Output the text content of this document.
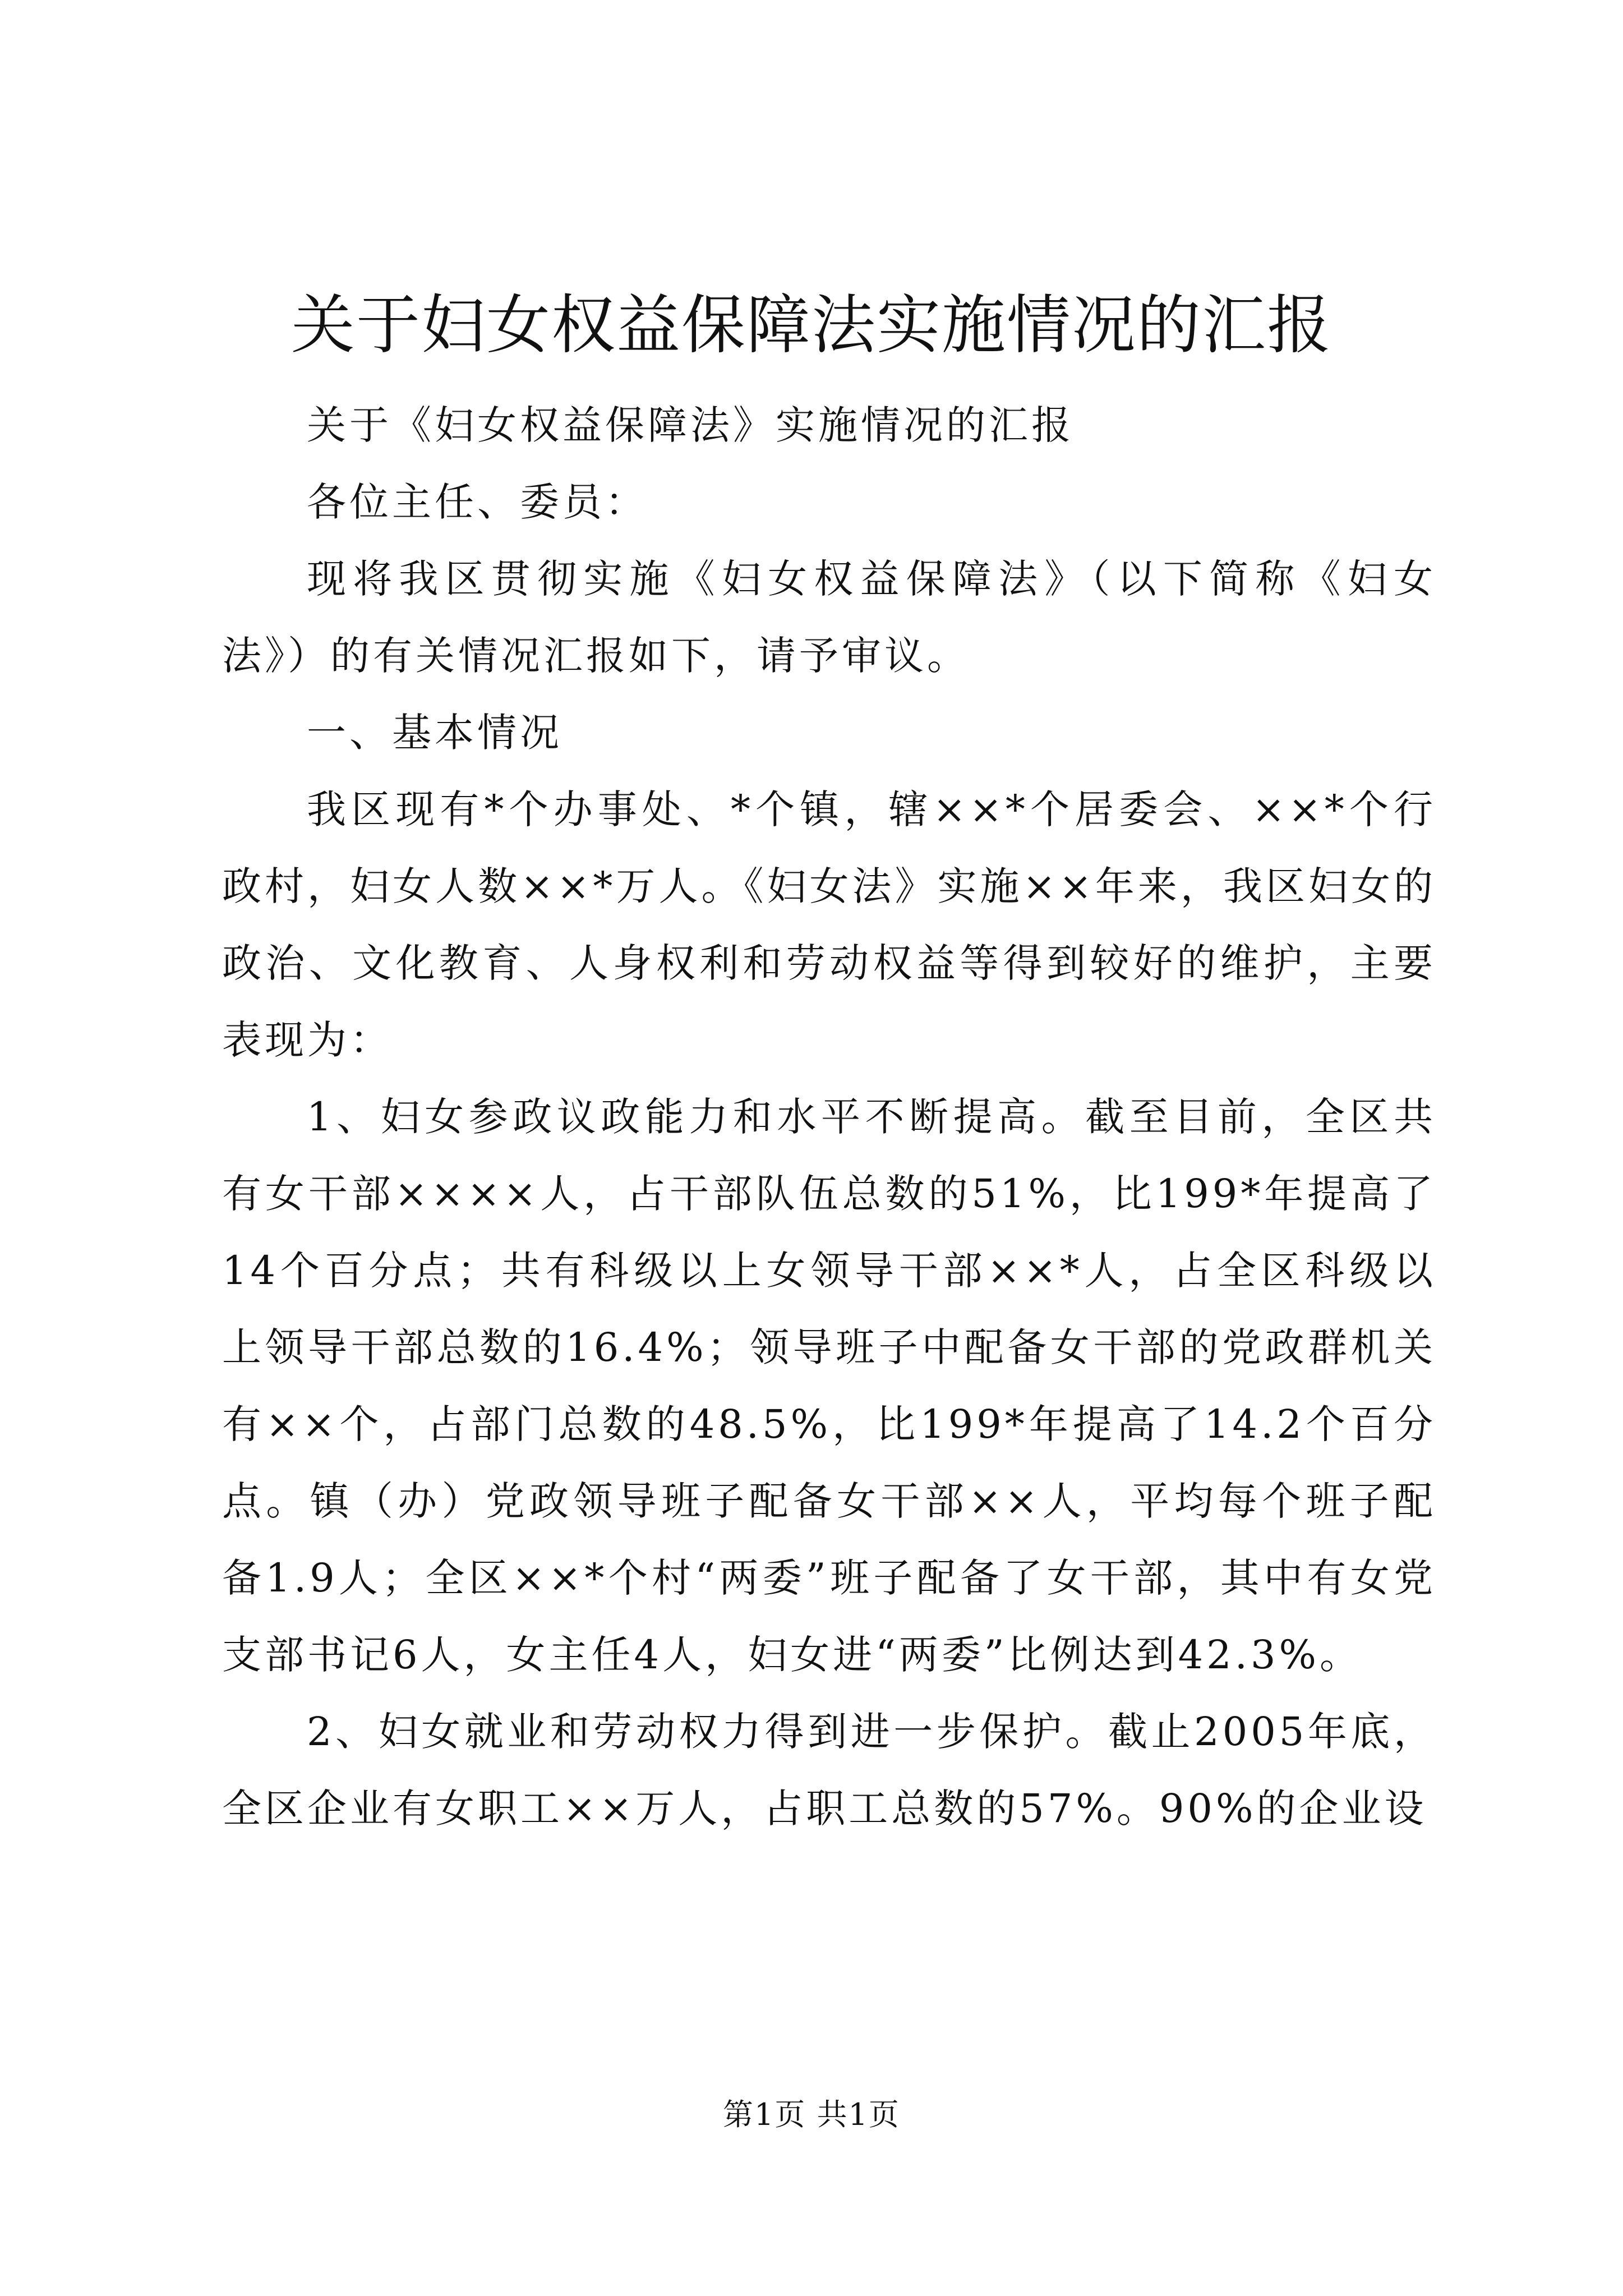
关于妇女权益保障法实施情况的汇报

关于《妇女权益保障法》实施情况的汇报

各位主任、委员：

现将我区贯彻实施《妇女权益保障法》（以下简称《妇女法》）的有关情况汇报如下，请予审议。

一、基本情况

我区现有*个办事处、*个镇，辖××*个居委会、××*个行政村，妇女人数××*万人。《妇女法》实施××年来，我区妇女的政治、文化教育、人身权利和劳动权益等得到较好的维护，主要表现为：

1、妇女参政议政能力和水平不断提高。截至目前，全区共有女干部××××人，占干部队伍总数的51%，比199*年提高了14个百分点；共有科级以上女领导干部××*人，占全区科级以上领导干部总数的16.4%；领导班子中配备女干部的党政群机关有××个，占部门总数的48.5%，比199*年提高了14.2个百分点。镇（办）党政领导班子配备女干部××人，平均每个班子配备1.9人；全区××*个村“两委”班子配备了女干部，其中有女党支部书记6人，女主任4人，妇女进“两委”比例达到42.3%。

2、妇女就业和劳动权力得到进一步保护。截止2005年底，全区企业有女职工××万人，占职工总数的57%。90%的企业设

第1页 共1页
